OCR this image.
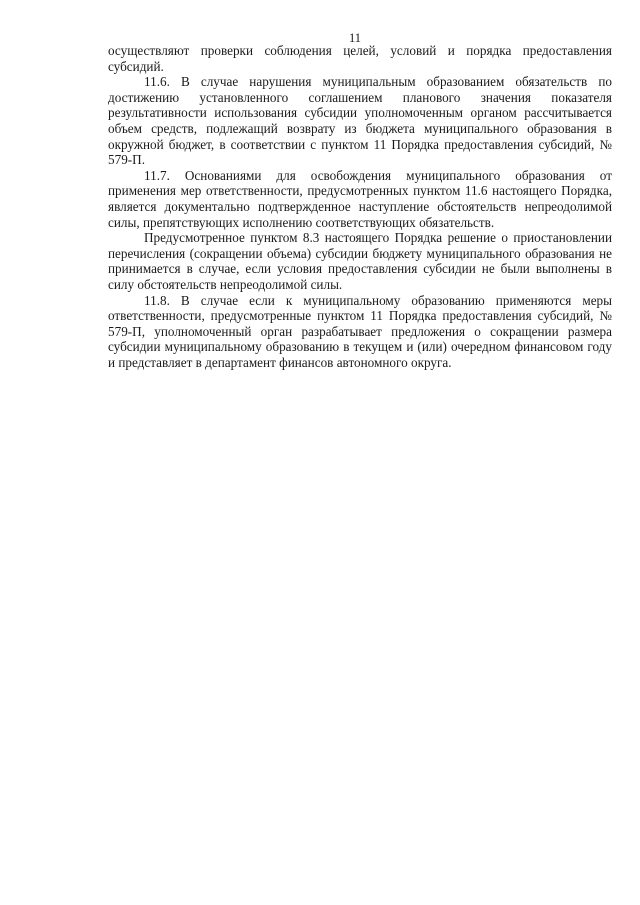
11

осуществляют проверки соблюдения целей, условий и порядка предоставления субсидий.

11.6. В случае нарушения муниципальным образованием обязательств по достижению установленного соглашением планового значения показателя результативности использования субсидии уполномоченным органом рассчитывается объем средств, подлежащий возврату из бюджета муниципального образования в окружной бюджет, в соответствии с пунктом 11 Порядка предоставления субсидий, № 579-П.

11.7. Основаниями для освобождения муниципального образования от применения мер ответственности, предусмотренных пунктом 11.6 настоящего Порядка, является документально подтвержденное наступление обстоятельств непреодолимой силы, препятствующих исполнению соответствующих обязательств.

Предусмотренное пунктом 8.3 настоящего Порядка решение о приостановлении перечисления (сокращении объема) субсидии бюджету муниципального образования не принимается в случае, если условия предоставления субсидии не были выполнены в силу обстоятельств непреодолимой силы.

11.8. В случае если к муниципальному образованию применяются меры ответственности, предусмотренные пунктом 11 Порядка предоставления субсидий, № 579-П, уполномоченный орган разрабатывает предложения о сокращении размера субсидии муниципальному образованию в текущем и (или) очередном финансовом году и представляет в департамент финансов автономного округа.
